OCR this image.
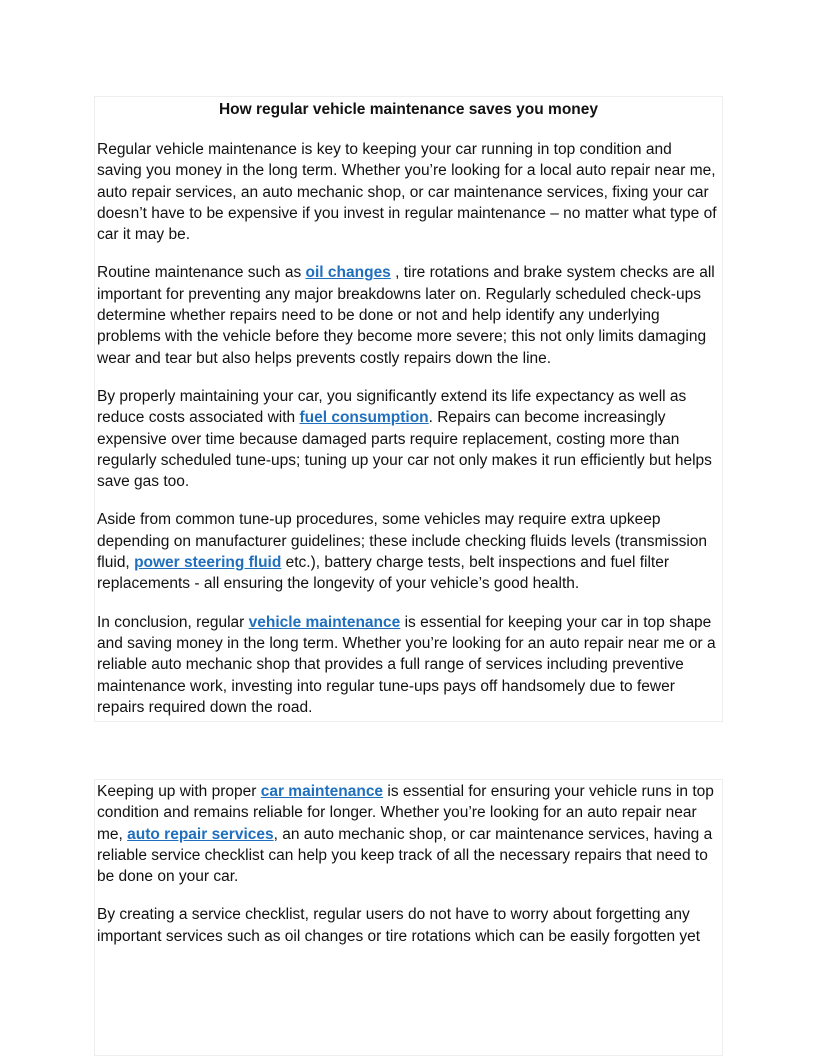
How regular vehicle maintenance saves you money

Regular vehicle maintenance is key to keeping your car running in top condition and saving you money in the long term. Whether you’re looking for a local auto repair near me, auto repair services, an auto mechanic shop, or car maintenance services, fixing your car doesn’t have to be expensive if you invest in regular maintenance – no matter what type of car it may be.

Routine maintenance such as oil changes , tire rotations and brake system checks are all important for preventing any major breakdowns later on. Regularly scheduled check-ups determine whether repairs need to be done or not and help identify any underlying problems with the vehicle before they become more severe; this not only limits damaging wear and tear but also helps prevents costly repairs down the line.

By properly maintaining your car, you significantly extend its life expectancy as well as reduce costs associated with fuel consumption. Repairs can become increasingly expensive over time because damaged parts require replacement, costing more than regularly scheduled tune-ups; tuning up your car not only makes it run efficiently but helps save gas too.

Aside from common tune-up procedures, some vehicles may require extra upkeep depending on manufacturer guidelines; these include checking fluids levels (transmission fluid, power steering fluid etc.), battery charge tests, belt inspections and fuel filter replacements - all ensuring the longevity of your vehicle’s good health.

In conclusion, regular vehicle maintenance is essential for keeping your car in top shape and saving money in the long term. Whether you’re looking for an auto repair near me or a reliable auto mechanic shop that provides a full range of services including preventive maintenance work, investing into regular tune-ups pays off handsomely due to fewer repairs required down the road.

Keeping up with proper car maintenance is essential for ensuring your vehicle runs in top condition and remains reliable for longer. Whether you’re looking for an auto repair near me, auto repair services, an auto mechanic shop, or car maintenance services, having a reliable service checklist can help you keep track of all the necessary repairs that need to be done on your car.

By creating a service checklist, regular users do not have to worry about forgetting any important services such as oil changes or tire rotations which can be easily forgotten yet
